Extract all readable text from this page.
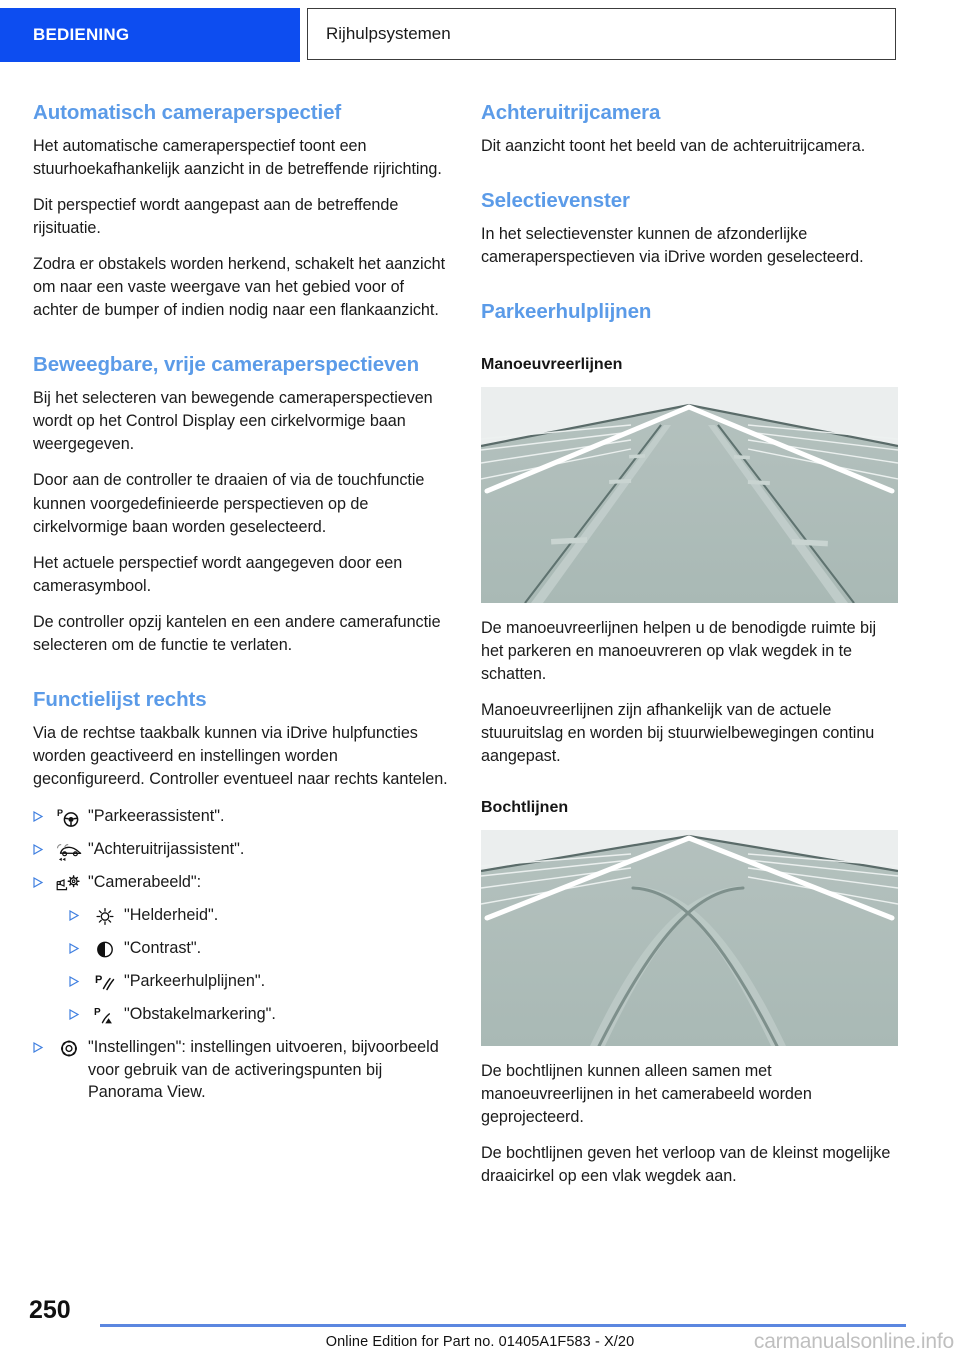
BEDIENING	Rijhulpsystemen
Automatisch cameraperspectief

Het automatische cameraperspectief toont een stuurhoekafhankelijk aanzicht in de betreffende rijrichting.

Dit perspectief wordt aangepast aan de betreffende rijsituatie.

Zodra er obstakels worden herkend, schakelt het aanzicht om naar een vaste weergave van het gebied voor of achter de bumper of indien nodig naar een flankaanzicht.

Beweegbare, vrije cameraperspectieven

Bij het selecteren van bewegende cameraperspectieven wordt op het Control Display een cirkelvormige baan weergegeven.

Door aan de controller te draaien of via de touchfunctie kunnen voorgedefinieerde perspectieven op de cirkelvormige baan worden geselecteerd.

Het actuele perspectief wordt aangegeven door een camerasymbool.

De controller opzij kantelen en een andere camerafunctie selecteren om de functie te verlaten.

Functielijst rechts

Via de rechtse taakbalk kunnen via iDrive hulpfuncties worden geactiveerd en instellingen worden geconfigureerd. Controller eventueel naar rechts kantelen.

P "Parkeerassistent".
"Achteruitrijassistent".
"Camerabeeld":
"Helderheid".
"Contrast".
P "Parkeerhulplijnen".
P "Obstakelmarkering".
"Instellingen": instellingen uitvoeren, bijvoorbeeld voor gebruik van de activeringspunten bij Panorama View.
Achteruitrijcamera

Dit aanzicht toont het beeld van de achteruitrijcamera.

Selectievenster

In het selectievenster kunnen de afzonderlijke cameraperspectieven via iDrive worden geselecteerd.

Parkeerhulplijnen
Manoeuvreerlijnen

De manoeuvreerlijnen helpen u de benodigde ruimte bij het parkeren en manoeuvreren op vlak wegdek in te schatten.

Manoeuvreerlijnen zijn afhankelijk van de actuele stuuruitslag en worden bij stuurwielbewegingen continu aangepast.

Bochtlijnen

De bochtlijnen kunnen alleen samen met manoeuvreerlijnen in het camerabeeld worden geprojecteerd.

De bochtlijnen geven het verloop van de kleinst mogelijke draaicirkel op een vlak wegdek aan.

250
Online Edition for Part no. 01405A1F583 - X/20	carmanualsonline.info
